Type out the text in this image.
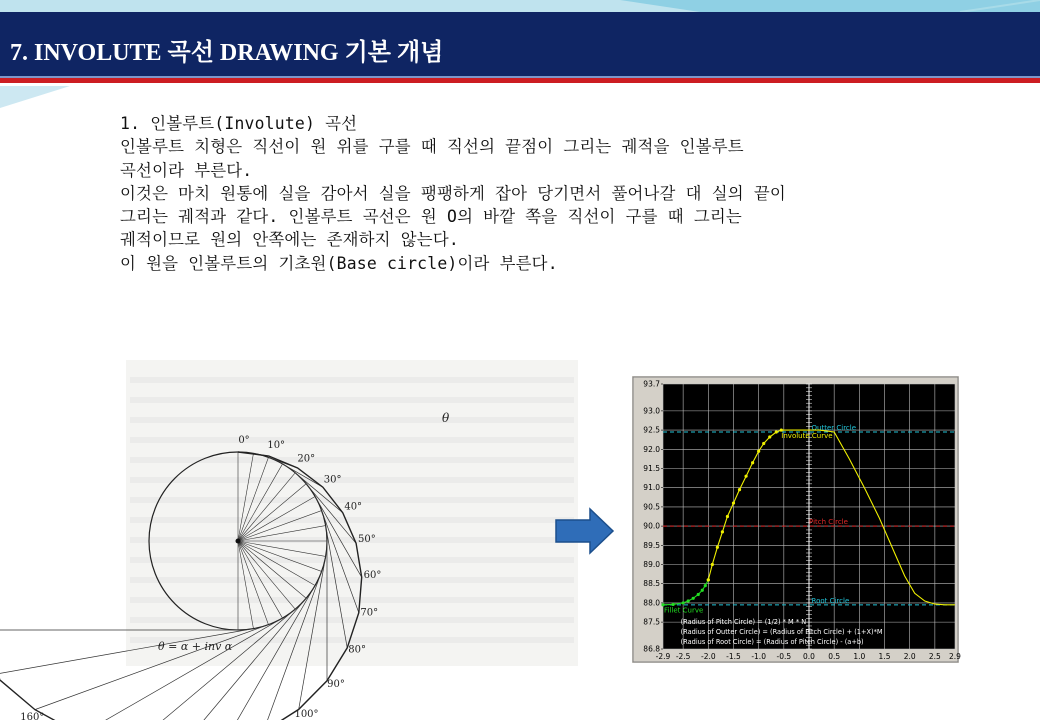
7. INVOLUTE 곡선 DRAWING 기본 개념
1. 인볼루트(Involute) 곡선
인볼루트 치형은 직선이 원 위를 구를 때 직선의 끝점이 그리는 궤적을 인볼루트
곡선이라 부른다.
이것은 마치 원통에 실을 감아서 실을 팽팽하게 잡아 당기면서 풀어나갈 대 실의 끝이
그리는 궤적과 같다. 인볼루트 곡선은 원 O의 바깥 쪽을 직선이 구를 때 그리는
궤적이므로 원의 안쪽에는 존재하지 않는다.
이 원을 인볼루트의 기초원(Base circle)이라 부른다.
0° 10°
20°
30°
40°
50°
60°
70°
80°
90°
100°
160°
θ
θ = α + inv α
-2.9 -2.5 -2.0 -1.5 -1.0 -0.5 0.0 0.5 1.0 1.5 2.0 2.5 2.9
86.8
87.5
88.0
88.5
89.0
89.5
90.0
90.5
91.0
91.5
92.0
92.5
93.0
93.7
Outter Circle
Pitch Circle
Root Circle
Involute Curve
Fillet Curve
(Radius of Pitch Circle) = (1/2) * M * N
(Radius of Outter Circle) = (Radius of Pitch Circle) + (1+X)*M
(Radius of Root Circle) = (Radius of Pitch Circle) - (a+b)
